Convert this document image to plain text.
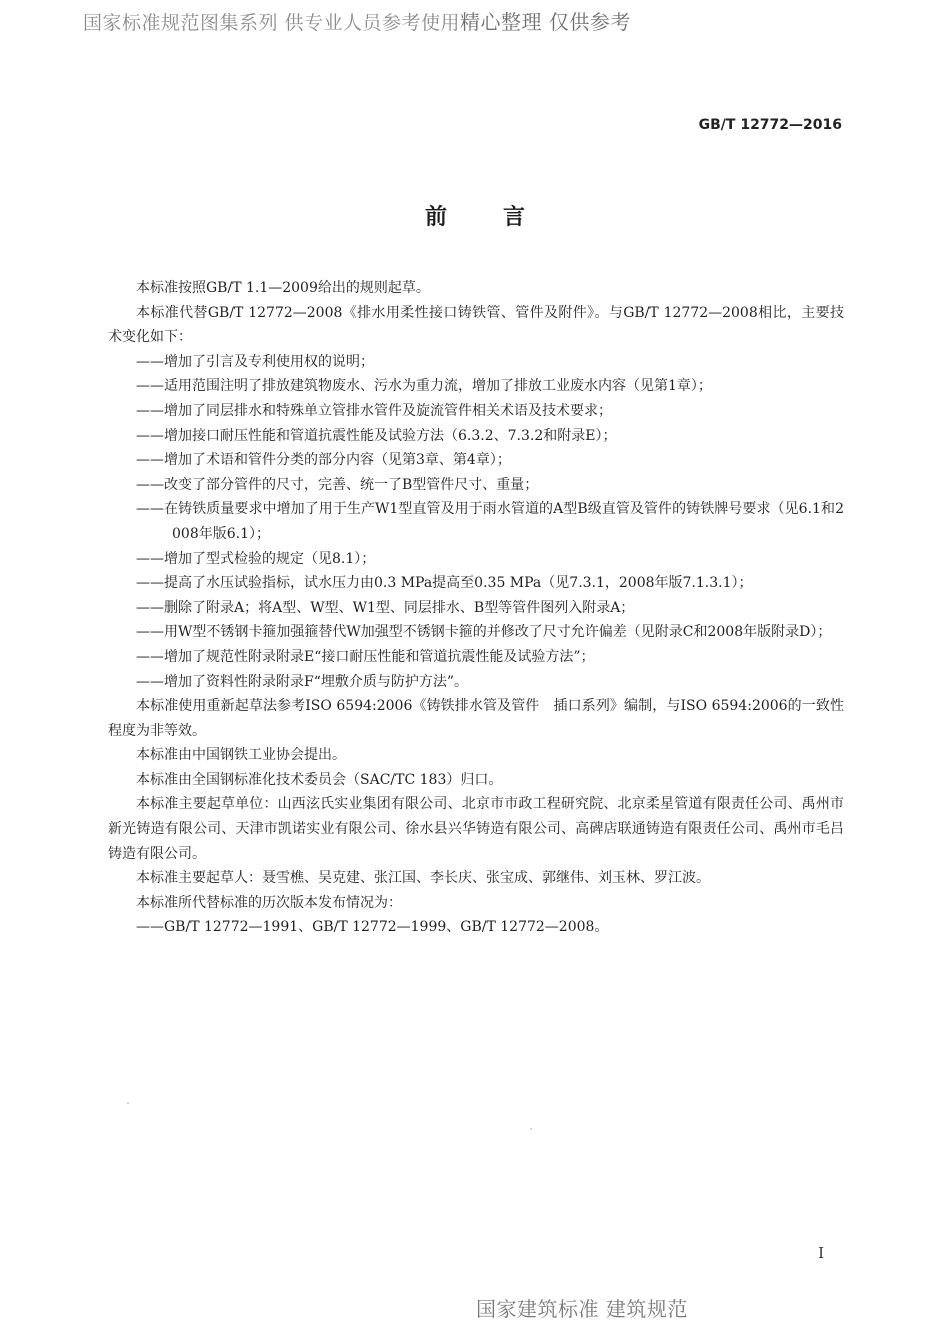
国家标准规范图集系列 供专业人员参考使用精心整理 仅供参考
GB/T 12772—2016
前言

本标准按照GB/T 1.1—2009给出的规则起草。

本标准代替GB/T 12772—2008《排水用柔性接口铸铁管、管件及附件》。与GB/T 12772—2008相比，主要技术变化如下：

——增加了引言及专利使用权的说明；

——适用范围注明了排放建筑物废水、污水为重力流，增加了排放工业废水内容（见第1章）；

——增加了同层排水和特殊单立管排水管件及旋流管件相关术语及技术要求；

——增加接口耐压性能和管道抗震性能及试验方法（6.3.2、7.3.2和附录E）；

——增加了术语和管件分类的部分内容（见第3章、第4章）；

——改变了部分管件的尺寸，完善、统一了B型管件尺寸、重量；

——在铸铁质量要求中增加了用于生产W1型直管及用于雨水管道的A型B级直管及管件的铸铁牌号要求（见6.1和2008年版6.1）；

——增加了型式检验的规定（见8.1）；

——提高了水压试验指标，试水压力由0.3 MPa提高至0.35 MPa（见7.3.1，2008年版7.1.3.1）；

——删除了附录A；将A型、W型、W1型、同层排水、B型等管件图列入附录A；

——用W型不锈钢卡箍加强箍替代W加强型不锈钢卡箍的并修改了尺寸允许偏差（见附录C和2008年版附录D）；

——增加了规范性附录附录E“接口耐压性能和管道抗震性能及试验方法”；

——增加了资料性附录附录F“埋敷介质与防护方法”。

本标准使用重新起草法参考ISO 6594:2006《铸铁排水管及管件　插口系列》编制，与ISO 6594:2006的一致性程度为非等效。

本标准由中国钢铁工业协会提出。

本标准由全国钢标准化技术委员会（SAC/TC 183）归口。

本标准主要起草单位：山西泫氏实业集团有限公司、北京市市政工程研究院、北京柔星管道有限责任公司、禹州市新光铸造有限公司、天津市凯诺实业有限公司、徐水县兴华铸造有限公司、高碑店联通铸造有限责任公司、禹州市毛吕铸造有限公司。

本标准主要起草人：聂雪樵、吴克建、张江国、李长庆、张宝成、郭继伟、刘玉林、罗江波。

本标准所代替标准的历次版本发布情况为：

——GB/T 12772—1991、GB/T 12772—1999、GB/T 12772—2008。

I
国家建筑标准 建筑规范
